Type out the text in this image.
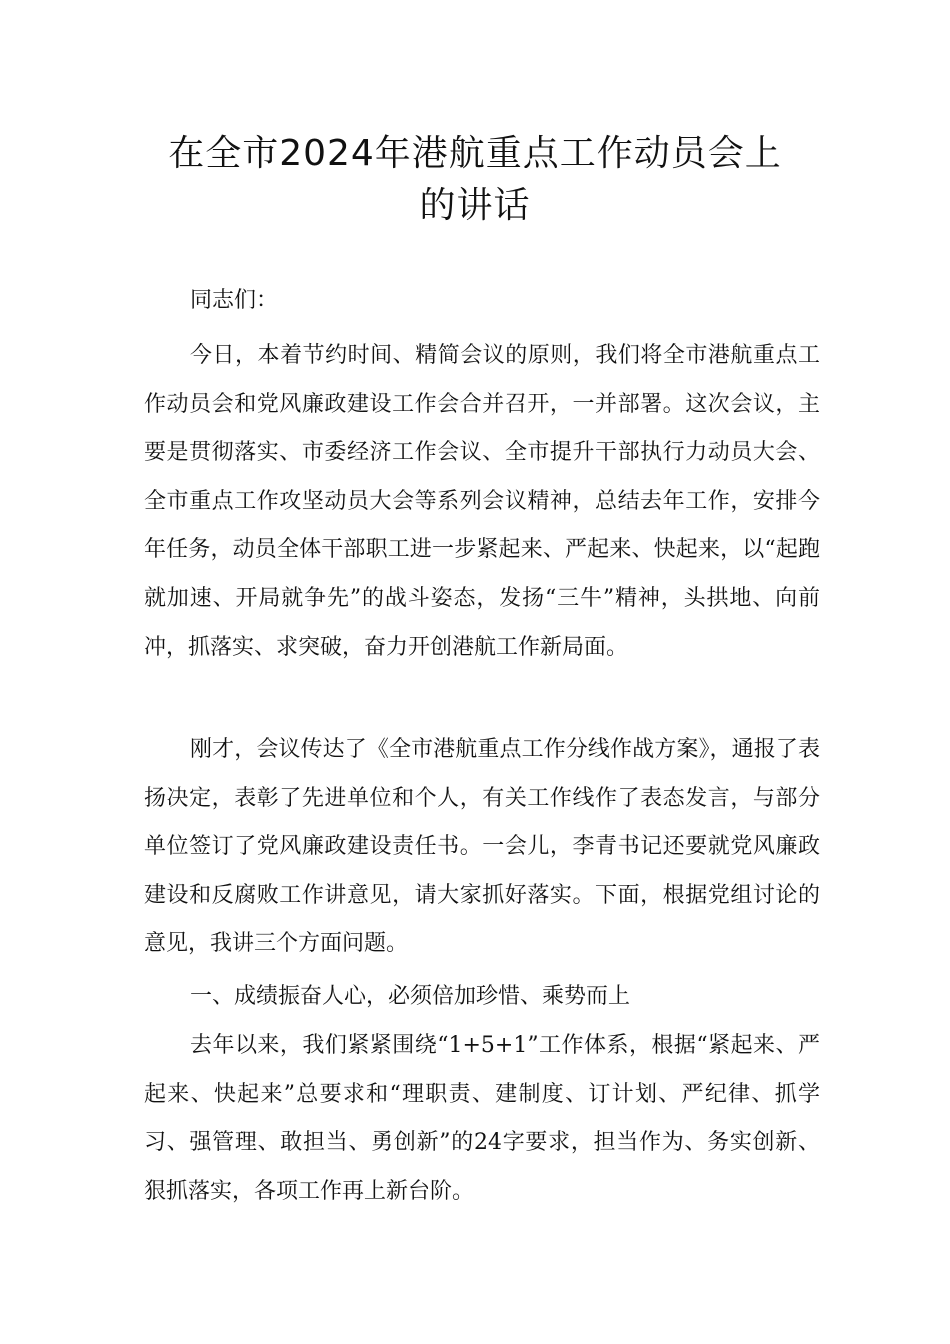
在全市2024年港航重点工作动员会上
的讲话

同志们：

今日，本着节约时间、精简会议的原则，我们将全市港航重点工作动员会和党风廉政建设工作会合并召开，一并部署。这次会议，主要是贯彻落实、市委经济工作会议、全市提升干部执行力动员大会、全市重点工作攻坚动员大会等系列会议精神，总结去年工作，安排今年任务，动员全体干部职工进一步紧起来、严起来、快起来，以“起跑就加速、开局就争先”的战斗姿态，发扬“三牛”精神，头拱地、向前冲，抓落实、求突破，奋力开创港航工作新局面。

刚才，会议传达了《全市港航重点工作分线作战方案》，通报了表扬决定，表彰了先进单位和个人，有关工作线作了表态发言，与部分单位签订了党风廉政建设责任书。一会儿，李青书记还要就党风廉政建设和反腐败工作讲意见，请大家抓好落实。下面，根据党组讨论的意见，我讲三个方面问题。

一、成绩振奋人心，必须倍加珍惜、乘势而上

去年以来，我们紧紧围绕“1+5+1”工作体系，根据“紧起来、严起来、快起来”总要求和“理职责、建制度、订计划、严纪律、抓学习、强管理、敢担当、勇创新”的24字要求，担当作为、务实创新、狠抓落实，各项工作再上新台阶。
